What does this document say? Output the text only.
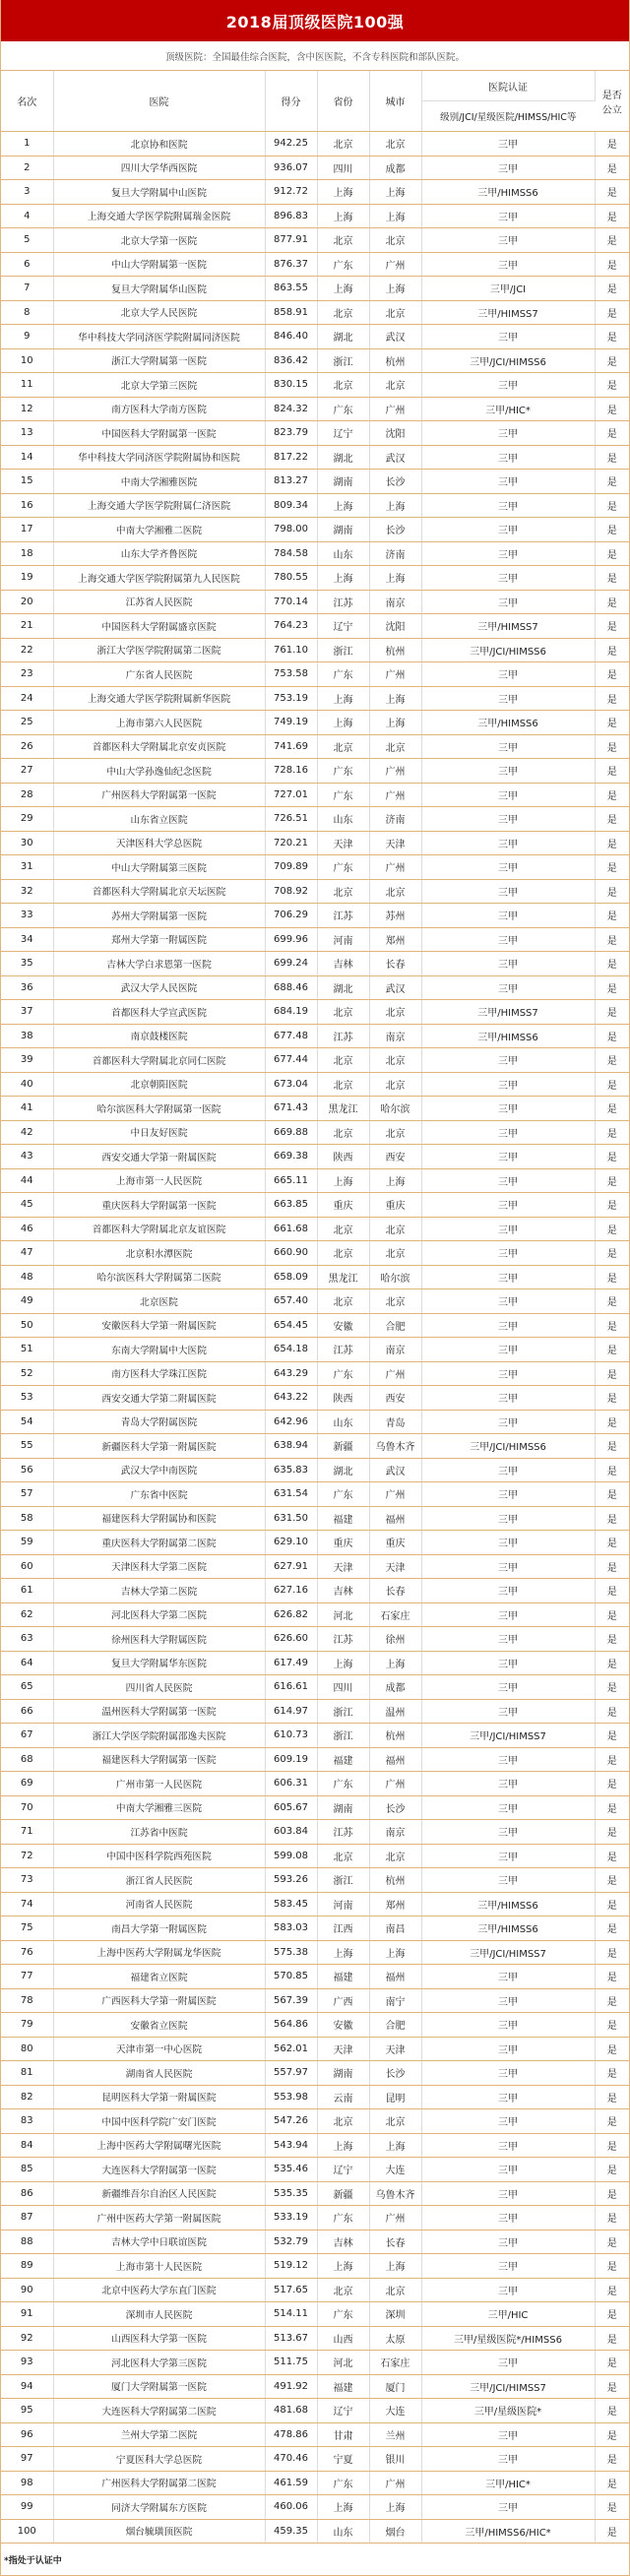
2018届顶级医院100强
顶级医院：全国最佳综合医院，含中医医院，不含专科医院和部队医院。
名次	医院	得分	省份	城市	医院认证	是否
公立

					级别/JCI/星级医院/HIMSS/HIC等	
1	北京协和医院	942.25	北京	北京	三甲	是
2	四川大学华西医院	936.07	四川	成都	三甲	是
3	复旦大学附属中山医院	912.72	上海	上海	三甲/HIMSS6	是
4	上海交通大学医学院附属瑞金医院	896.83	上海	上海	三甲	是
5	北京大学第一医院	877.91	北京	北京	三甲	是
6	中山大学附属第一医院	876.37	广东	广州	三甲	是
7	复旦大学附属华山医院	863.55	上海	上海	三甲/JCI	是
8	北京大学人民医院	858.91	北京	北京	三甲/HIMSS7	是
9	华中科技大学同济医学院附属同济医院	846.40	湖北	武汉	三甲	是
10	浙江大学附属第一医院	836.42	浙江	杭州	三甲/JCI/HIMSS6	是
11	北京大学第三医院	830.15	北京	北京	三甲	是
12	南方医科大学南方医院	824.32	广东	广州	三甲/HIC*	是
13	中国医科大学附属第一医院	823.79	辽宁	沈阳	三甲	是
14	华中科技大学同济医学院附属协和医院	817.22	湖北	武汉	三甲	是
15	中南大学湘雅医院	813.27	湖南	长沙	三甲	是
16	上海交通大学医学院附属仁济医院	809.34	上海	上海	三甲	是
17	中南大学湘雅二医院	798.00	湖南	长沙	三甲	是
18	山东大学齐鲁医院	784.58	山东	济南	三甲	是
19	上海交通大学医学院附属第九人民医院	780.55	上海	上海	三甲	是
20	江苏省人民医院	770.14	江苏	南京	三甲	是
21	中国医科大学附属盛京医院	764.23	辽宁	沈阳	三甲/HIMSS7	是
22	浙江大学医学院附属第二医院	761.10	浙江	杭州	三甲/JCI/HIMSS6	是
23	广东省人民医院	753.58	广东	广州	三甲	是
24	上海交通大学医学院附属新华医院	753.19	上海	上海	三甲	是
25	上海市第六人民医院	749.19	上海	上海	三甲/HIMSS6	是
26	首都医科大学附属北京安贞医院	741.69	北京	北京	三甲	是
27	中山大学孙逸仙纪念医院	728.16	广东	广州	三甲	是
28	广州医科大学附属第一医院	727.01	广东	广州	三甲	是
29	山东省立医院	726.51	山东	济南	三甲	是
30	天津医科大学总医院	720.21	天津	天津	三甲	是
31	中山大学附属第三医院	709.89	广东	广州	三甲	是
32	首都医科大学附属北京天坛医院	708.92	北京	北京	三甲	是
33	苏州大学附属第一医院	706.29	江苏	苏州	三甲	是
34	郑州大学第一附属医院	699.96	河南	郑州	三甲	是
35	吉林大学白求恩第一医院	699.24	吉林	长春	三甲	是
36	武汉大学人民医院	688.46	湖北	武汉	三甲	是
37	首都医科大学宣武医院	684.19	北京	北京	三甲/HIMSS7	是
38	南京鼓楼医院	677.48	江苏	南京	三甲/HIMSS6	是
39	首都医科大学附属北京同仁医院	677.44	北京	北京	三甲	是
40	北京朝阳医院	673.04	北京	北京	三甲	是
41	哈尔滨医科大学附属第一医院	671.43	黑龙江	哈尔滨	三甲	是
42	中日友好医院	669.88	北京	北京	三甲	是
43	西安交通大学第一附属医院	669.38	陕西	西安	三甲	是
44	上海市第一人民医院	665.11	上海	上海	三甲	是
45	重庆医科大学附属第一医院	663.85	重庆	重庆	三甲	是
46	首都医科大学附属北京友谊医院	661.68	北京	北京	三甲	是
47	北京积水潭医院	660.90	北京	北京	三甲	是
48	哈尔滨医科大学附属第二医院	658.09	黑龙江	哈尔滨	三甲	是
49	北京医院	657.40	北京	北京	三甲	是
50	安徽医科大学第一附属医院	654.45	安徽	合肥	三甲	是
51	东南大学附属中大医院	654.18	江苏	南京	三甲	是
52	南方医科大学珠江医院	643.29	广东	广州	三甲	是
53	西安交通大学第二附属医院	643.22	陕西	西安	三甲	是
54	青岛大学附属医院	642.96	山东	青岛	三甲	是
55	新疆医科大学第一附属医院	638.94	新疆	乌鲁木齐	三甲/JCI/HIMSS6	是
56	武汉大学中南医院	635.83	湖北	武汉	三甲	是
57	广东省中医院	631.54	广东	广州	三甲	是
58	福建医科大学附属协和医院	631.50	福建	福州	三甲	是
59	重庆医科大学附属第二医院	629.10	重庆	重庆	三甲	是
60	天津医科大学第二医院	627.91	天津	天津	三甲	是
61	吉林大学第二医院	627.16	吉林	长春	三甲	是
62	河北医科大学第二医院	626.82	河北	石家庄	三甲	是
63	徐州医科大学附属医院	626.60	江苏	徐州	三甲	是
64	复旦大学附属华东医院	617.49	上海	上海	三甲	是
65	四川省人民医院	616.61	四川	成都	三甲	是
66	温州医科大学附属第一医院	614.97	浙江	温州	三甲	是
67	浙江大学医学院附属邵逸夫医院	610.73	浙江	杭州	三甲/JCI/HIMSS7	是
68	福建医科大学附属第一医院	609.19	福建	福州	三甲	是
69	广州市第一人民医院	606.31	广东	广州	三甲	是
70	中南大学湘雅三医院	605.67	湖南	长沙	三甲	是
71	江苏省中医院	603.84	江苏	南京	三甲	是
72	中国中医科学院西苑医院	599.08	北京	北京	三甲	是
73	浙江省人民医院	593.26	浙江	杭州	三甲	是
74	河南省人民医院	583.45	河南	郑州	三甲/HIMSS6	是
75	南昌大学第一附属医院	583.03	江西	南昌	三甲/HIMSS6	是
76	上海中医药大学附属龙华医院	575.38	上海	上海	三甲/JCI/HIMSS7	是
77	福建省立医院	570.85	福建	福州	三甲	是
78	广西医科大学第一附属医院	567.39	广西	南宁	三甲	是
79	安徽省立医院	564.86	安徽	合肥	三甲	是
80	天津市第一中心医院	562.01	天津	天津	三甲	是
81	湖南省人民医院	557.97	湖南	长沙	三甲	是
82	昆明医科大学第一附属医院	553.98	云南	昆明	三甲	是
83	中国中医科学院广安门医院	547.26	北京	北京	三甲	是
84	上海中医药大学附属曙光医院	543.94	上海	上海	三甲	是
85	大连医科大学附属第一医院	535.46	辽宁	大连	三甲	是
86	新疆维吾尔自治区人民医院	535.35	新疆	乌鲁木齐	三甲	是
87	广州中医药大学第一附属医院	533.19	广东	广州	三甲	是
88	吉林大学中日联谊医院	532.79	吉林	长春	三甲	是
89	上海市第十人民医院	519.12	上海	上海	三甲	是
90	北京中医药大学东直门医院	517.65	北京	北京	三甲	是
91	深圳市人民医院	514.11	广东	深圳	三甲/HIC	是
92	山西医科大学第一医院	513.67	山西	太原	三甲/星级医院*/HIMSS6	是
93	河北医科大学第三医院	511.75	河北	石家庄	三甲	是
94	厦门大学附属第一医院	491.92	福建	厦门	三甲/JCI/HIMSS7	是
95	大连医科大学附属第二医院	481.68	辽宁	大连	三甲/星级医院*	是
96	兰州大学第二医院	478.86	甘肃	兰州	三甲	是
97	宁夏医科大学总医院	470.46	宁夏	银川	三甲	是
98	广州医科大学附属第二医院	461.59	广东	广州	三甲/HIC*	是
99	同济大学附属东方医院	460.06	上海	上海	三甲	是
100	烟台毓璜顶医院	459.35	山东	烟台	三甲/HIMSS6/HIC*	是
*指处于认证中
